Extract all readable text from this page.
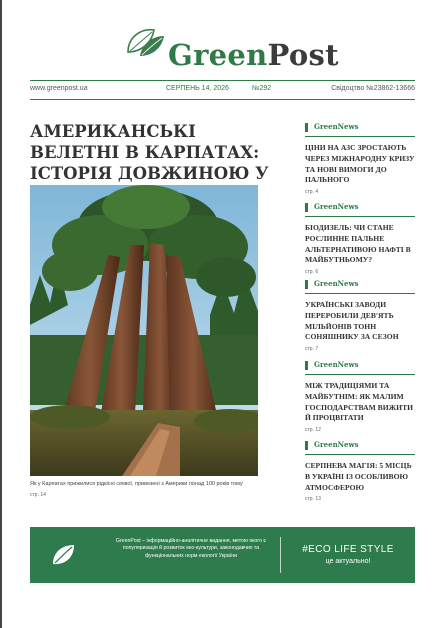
GreenPost
www.greenpost.ua	СЕРПЕНЬ 14, 2026	№292	Свідоцтво №23862-13666
АМЕРИКАНСЬКІ ВЕЛЕТНІ В КАРПАТАХ: ІСТОРІЯ ДОВЖИНОЮ У
Як у Карпатах прижилися рідкісні секвої, привезені з Америки понад 100 років тому
стр. 14
GreenNews
ЦІНИ НА АЗС ЗРОСТАЮТЬ ЧЕРЕЗ МІЖНАРОДНУ КРИЗУ ТА НОВІ ВИМОГИ ДО ПАЛЬНОГО
стр. 4
GreenNews
БІОДИЗЕЛЬ: ЧИ СТАНЕ РОСЛИННЕ ПАЛЬНЕ АЛЬТЕРНАТИВОЮ НАФТІ В МАЙБУТНЬОМУ?
стр. 6
GreenNews
УКРАЇНСЬКІ ЗАВОДИ ПЕРЕРОБИЛИ ДЕВ'ЯТЬ МІЛЬЙОНІВ ТОНН СОНЯШНИКУ ЗА СЕЗОН
стр. 7
GreenNews
МІЖ ТРАДИЦІЯМИ ТА МАЙБУТНІМ: ЯК МАЛИМ ГОСПОДАРСТВАМ ВИЖИТИ Й ПРОЦВІТАТИ
стр. 12
GreenNews
СЕРПНЕВА МАГІЯ: 5 МІСЦЬ В УКРАЇНІ ІЗ ОСОБЛИВОЮ АТМОСФЕРОЮ
стр. 13
GreenPost – інформаційно-аналітичне видання, метою якого є популяризація й розвиток еко-культури, законодавчих та функціональних норм екології України
#ECO LIFE STYLE
це актуально!
